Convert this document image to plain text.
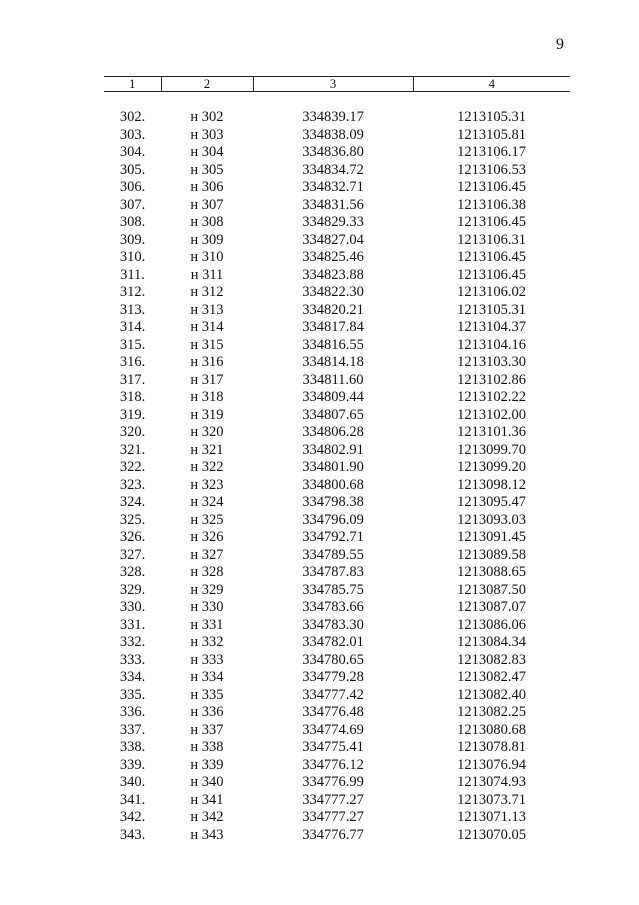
9
1	2	3	4

302.	н 302	334839.17	1213105.31
303.	н 303	334838.09	1213105.81
304.	н 304	334836.80	1213106.17
305.	н 305	334834.72	1213106.53
306.	н 306	334832.71	1213106.45
307.	н 307	334831.56	1213106.38
308.	н 308	334829.33	1213106.45
309.	н 309	334827.04	1213106.31
310.	н 310	334825.46	1213106.45
311.	н 311	334823.88	1213106.45
312.	н 312	334822.30	1213106.02
313.	н 313	334820.21	1213105.31
314.	н 314	334817.84	1213104.37
315.	н 315	334816.55	1213104.16
316.	н 316	334814.18	1213103.30
317.	н 317	334811.60	1213102.86
318.	н 318	334809.44	1213102.22
319.	н 319	334807.65	1213102.00
320.	н 320	334806.28	1213101.36
321.	н 321	334802.91	1213099.70
322.	н 322	334801.90	1213099.20
323.	н 323	334800.68	1213098.12
324.	н 324	334798.38	1213095.47
325.	н 325	334796.09	1213093.03
326.	н 326	334792.71	1213091.45
327.	н 327	334789.55	1213089.58
328.	н 328	334787.83	1213088.65
329.	н 329	334785.75	1213087.50
330.	н 330	334783.66	1213087.07
331.	н 331	334783.30	1213086.06
332.	н 332	334782.01	1213084.34
333.	н 333	334780.65	1213082.83
334.	н 334	334779.28	1213082.47
335.	н 335	334777.42	1213082.40
336.	н 336	334776.48	1213082.25
337.	н 337	334774.69	1213080.68
338.	н 338	334775.41	1213078.81
339.	н 339	334776.12	1213076.94
340.	н 340	334776.99	1213074.93
341.	н 341	334777.27	1213073.71
342.	н 342	334777.27	1213071.13
343.	н 343	334776.77	1213070.05
